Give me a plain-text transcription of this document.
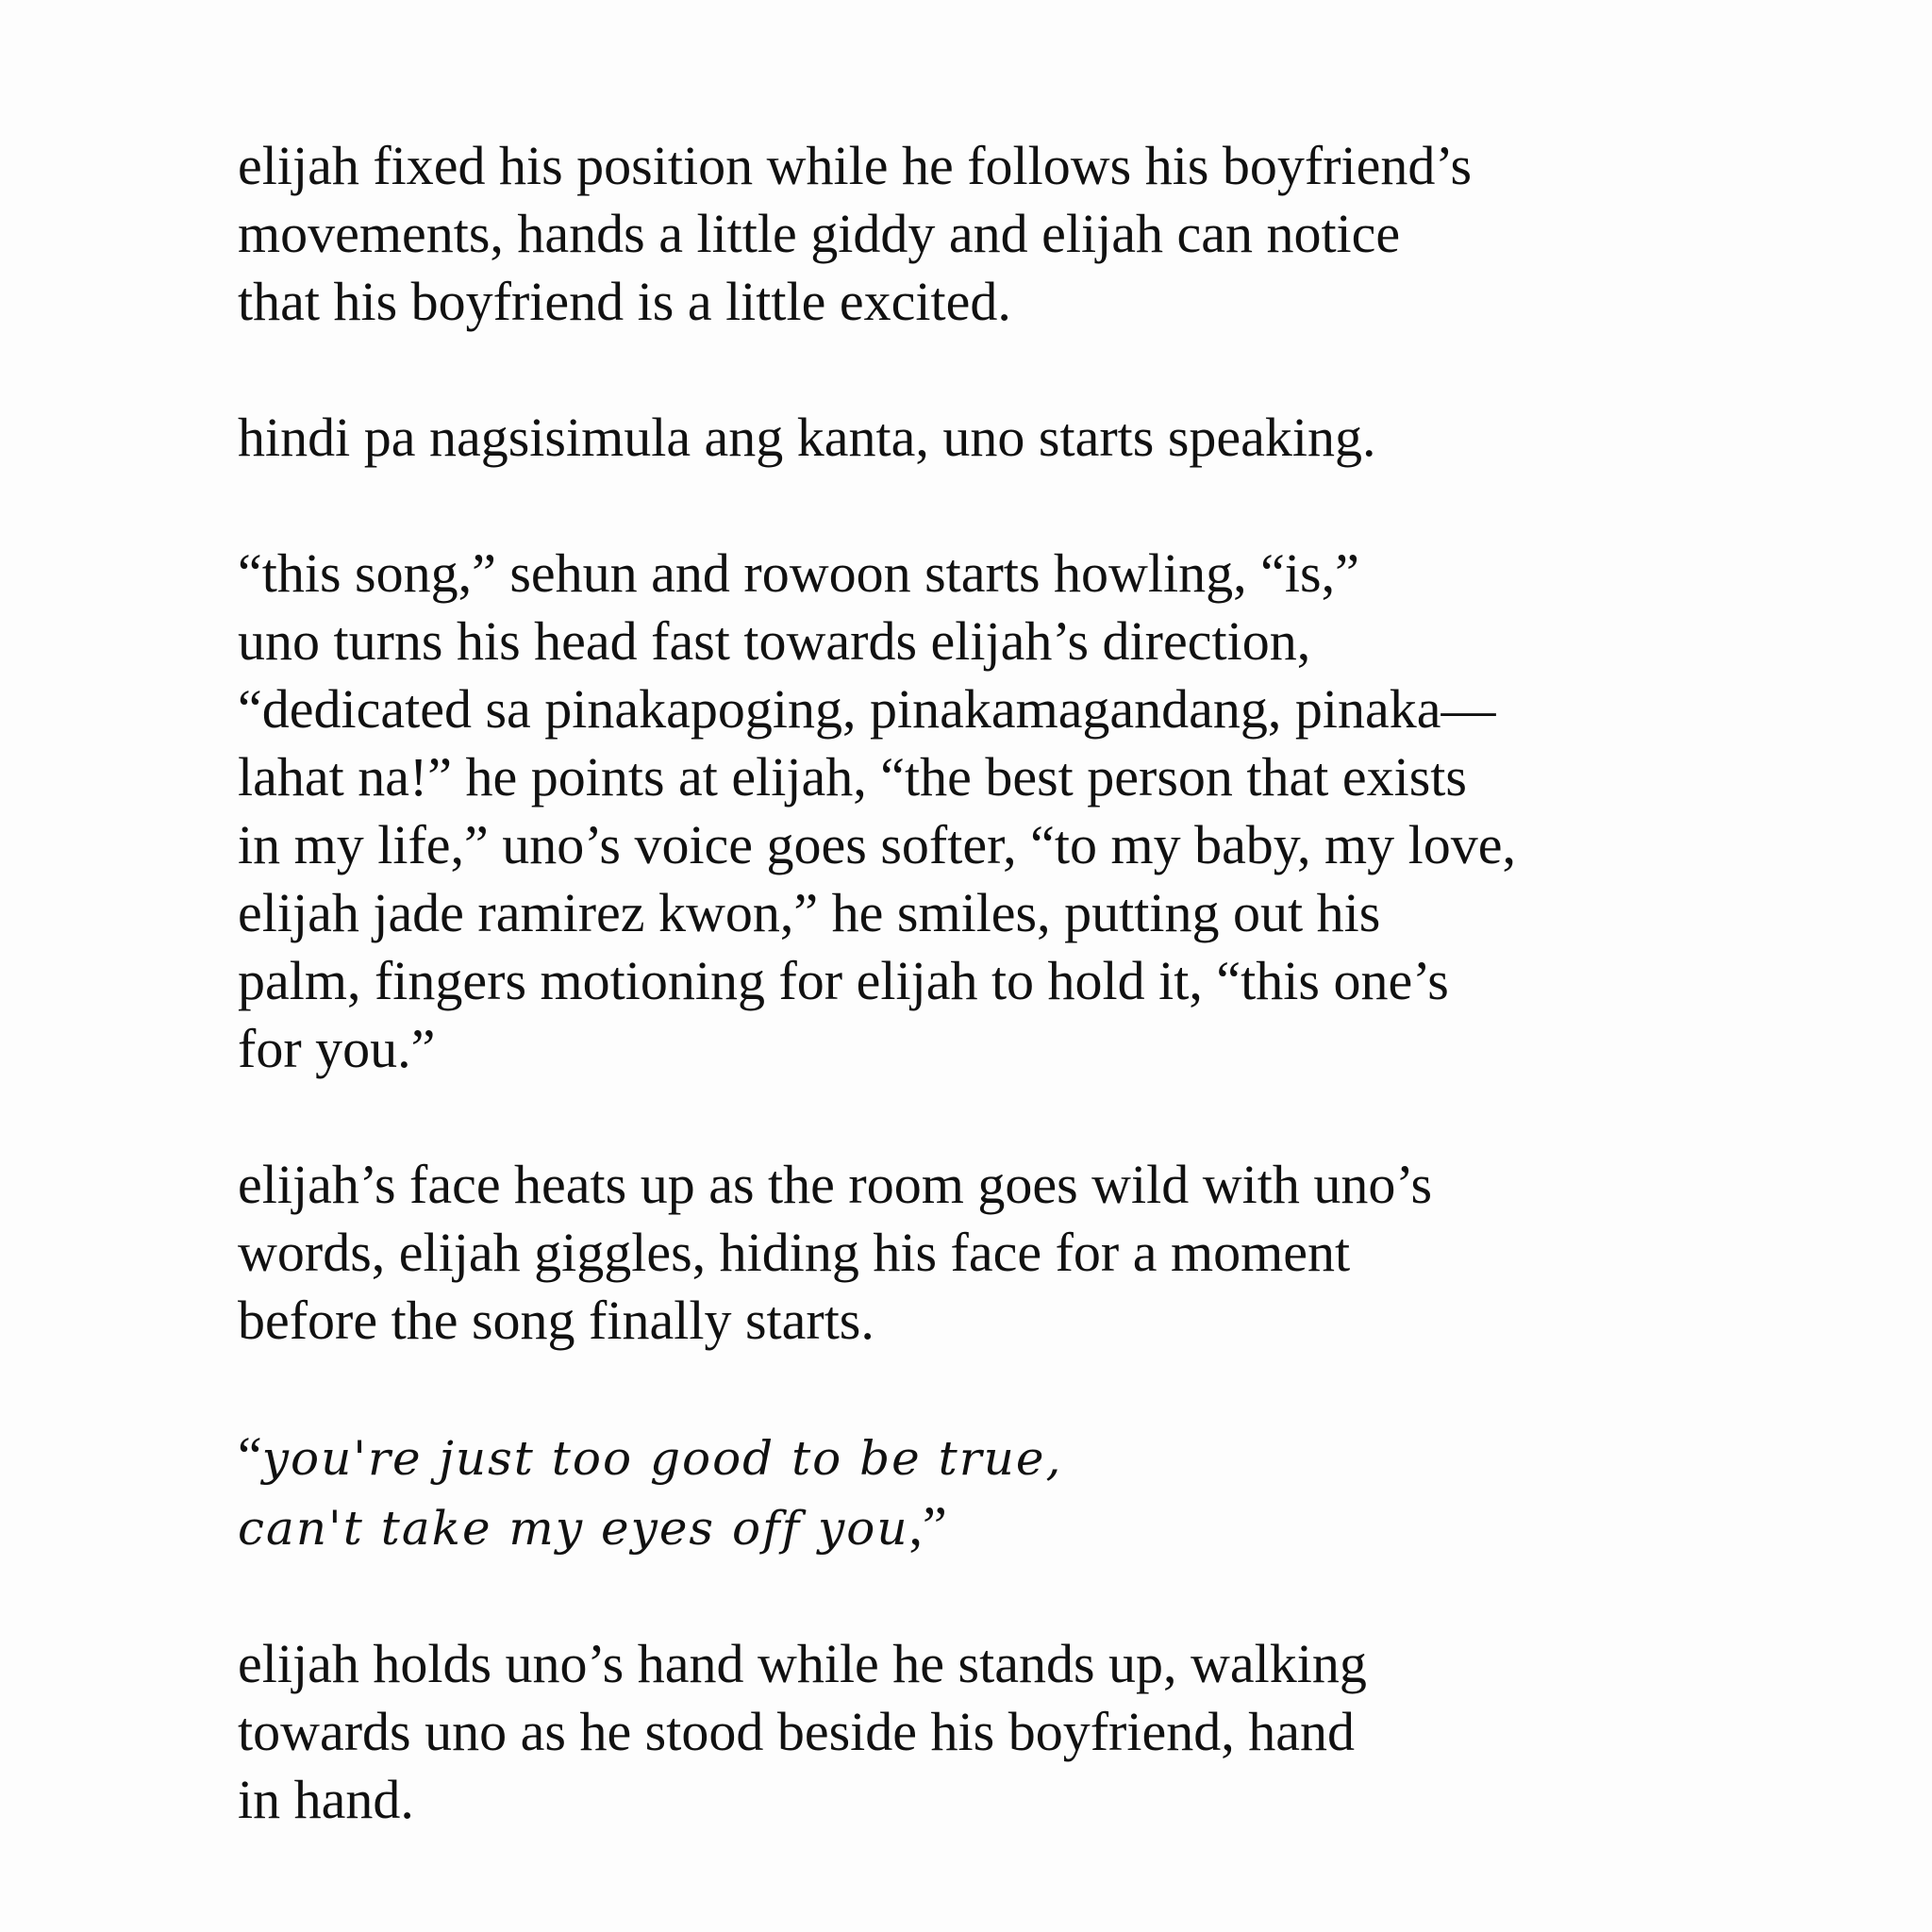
elijah fixed his position while he follows his boyfriend’s
movements, hands a little giddy and elijah can notice
that his boyfriend is a little excited.

hindi pa nagsisimula ang kanta, uno starts speaking.

“this song,” sehun and rowoon starts howling, “is,”
uno turns his head fast towards elijah’s direction,
“dedicated sa pinakapoging, pinakamagandang, pinaka—
lahat na!” he points at elijah, “the best person that exists
in my life,” uno’s voice goes softer, “to my baby, my love,
elijah jade ramirez kwon,” he smiles, putting out his
palm, fingers motioning for elijah to hold it, “this one’s
for you.”

elijah’s face heats up as the room goes wild with uno’s
words, elijah giggles, hiding his face for a moment
before the song finally starts.

“you're just too good to be true,
can't take my eyes off you,”

elijah holds uno’s hand while he stands up, walking
towards uno as he stood beside his boyfriend, hand
in hand.
